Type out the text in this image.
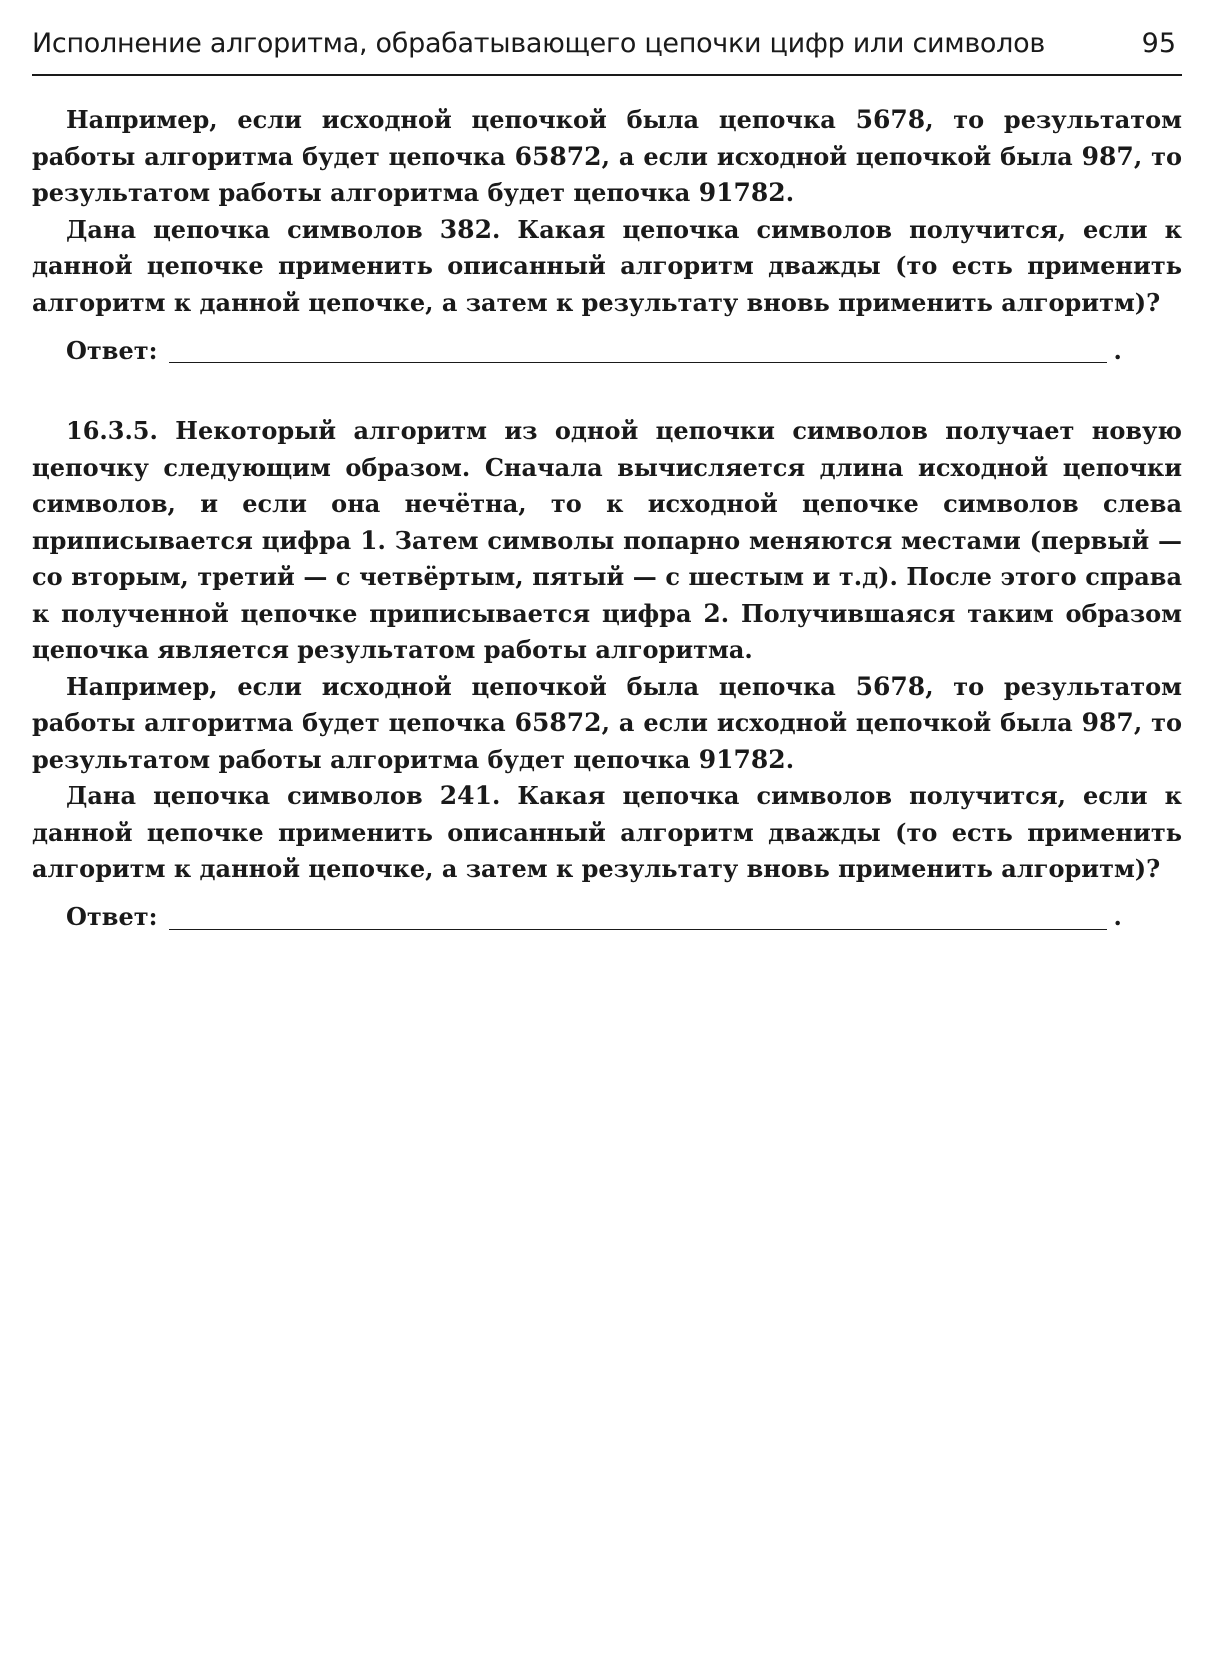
Исполнение алгоритма, обрабатывающего цепочки цифр или символов	95

Например, если исходной цепочкой была цепочка 5678, то результатом работы алгоритма будет цепочка 65872, а если исходной цепочкой была 987, то результатом работы алгоритма будет цепочка 91782.

Дана цепочка символов 382. Какая цепочка символов получится, если к данной цепочке применить описанный алгоритм дважды (то есть применить алгоритм к данной цепочке, а затем к результату вновь применить алгоритм)?

Ответ:	.

16.3.5. Некоторый алгоритм из одной цепочки символов получает новую цепочку следующим образом. Сначала вычисляется длина исходной цепочки символов, и если она нечётна, то к исходной цепочке символов слева приписывается цифра 1. Затем символы попарно меняются местами (первый — со вторым, третий — с четвёртым, пятый — с шестым и т.д). После этого справа к полученной цепочке приписывается цифра 2. Получившаяся таким образом цепочка является результатом работы алгоритма.

Например, если исходной цепочкой была цепочка 5678, то результатом работы алгоритма будет цепочка 65872, а если исходной цепочкой была 987, то результатом работы алгоритма будет цепочка 91782.

Дана цепочка символов 241. Какая цепочка символов получится, если к данной цепочке применить описанный алгоритм дважды (то есть применить алгоритм к данной цепочке, а затем к результату вновь применить алгоритм)?

Ответ:	.
